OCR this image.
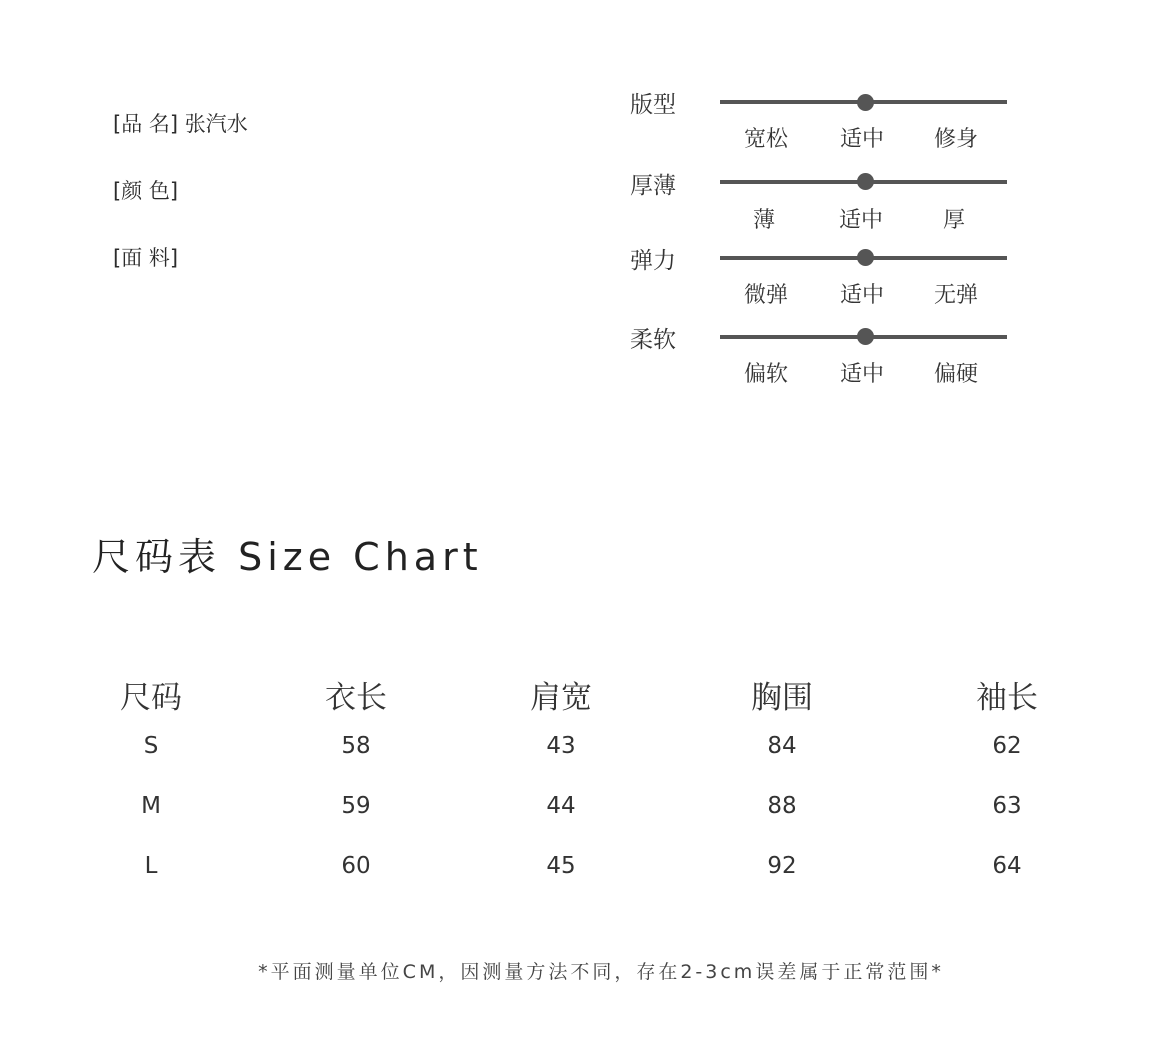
[品 名] 张汽水
[颜 色]
[面 料]
版型
宽松	适中	修身
厚薄
薄	适中	厚
弹力
微弹	适中	无弹
柔软
偏软	适中	偏硬
尺码表 Size Chart
尺码	衣长	肩宽	胸围	袖长
S	58	43	84	62
M	59	44	88	63
L	60	45	92	64
*平面测量单位CM，因测量方法不同，存在2-3cm误差属于正常范围*
